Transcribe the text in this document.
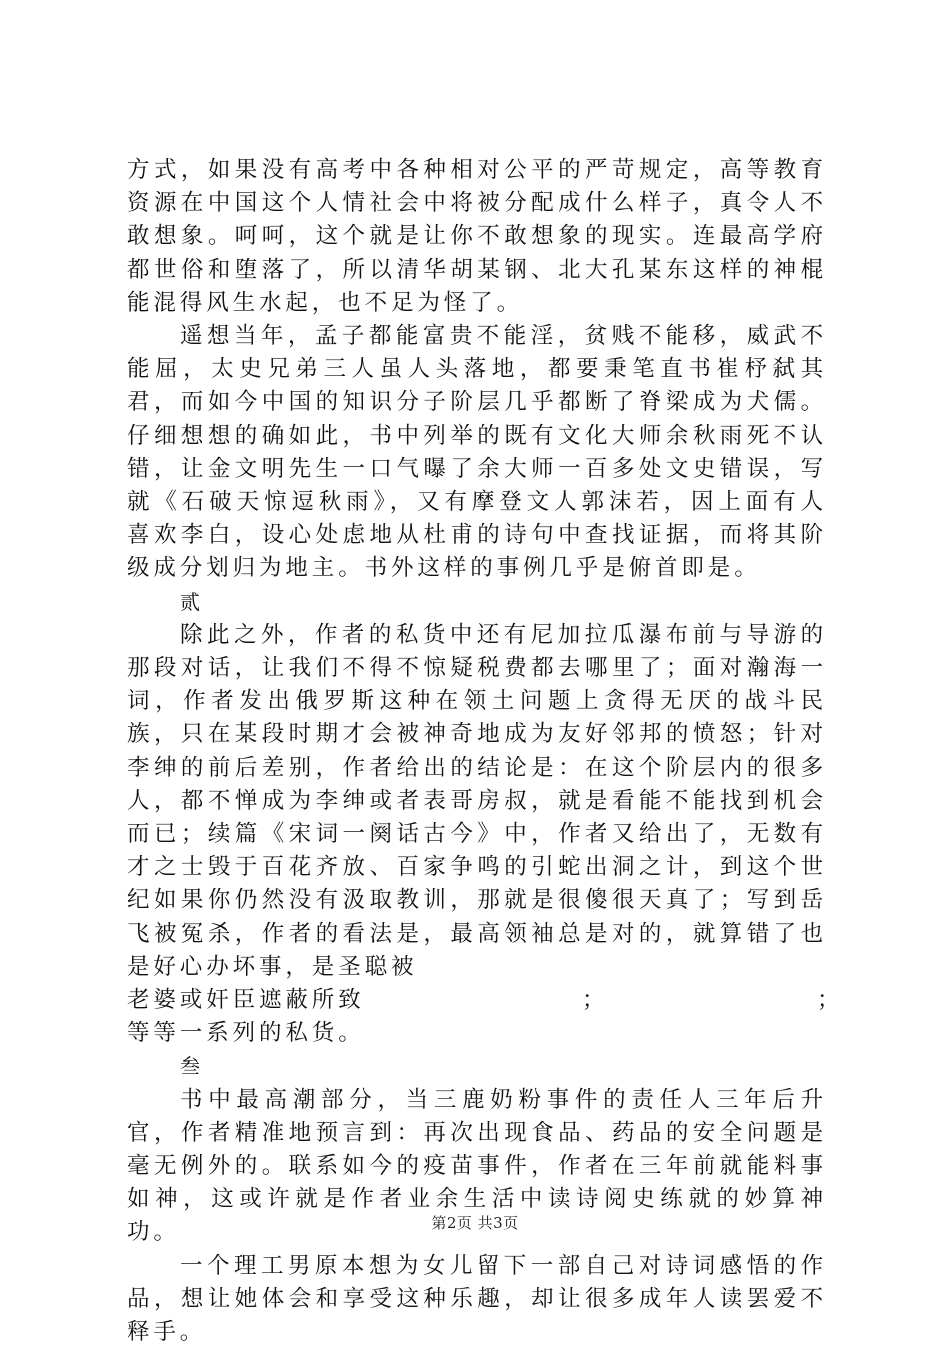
方式，如果没有高考中各种相对公平的严苛规定，高等教育资源在中国这个人情社会中将被分配成什么样子，真令人不敢想象。呵呵，这个就是让你不敢想象的现实。连最高学府都世俗和堕落了，所以清华胡某钢、北大孔某东这样的神棍能混得风生水起，也不足为怪了。

遥想当年，孟子都能富贵不能淫，贫贱不能移，威武不能屈，太史兄弟三人虽人头落地，都要秉笔直书崔杼弑其君，而如今中国的知识分子阶层几乎都断了脊梁成为犬儒。仔细想想的确如此，书中列举的既有文化大师余秋雨死不认错，让金文明先生一口气曝了余大师一百多处文史错误，写就《石破天惊逗秋雨》，又有摩登文人郭沫若，因上面有人喜欢李白，设心处虑地从杜甫的诗句中查找证据，而将其阶级成分划归为地主。书外这样的事例几乎是俯首即是。

贰

除此之外，作者的私货中还有尼加拉瓜瀑布前与导游的那段对话，让我们不得不惊疑税费都去哪里了；面对瀚海一词，作者发出俄罗斯这种在领土问题上贪得无厌的战斗民族，只在某段时期才会被神奇地成为友好邻邦的愤怒；针对李绅的前后差别，作者给出的结论是：在这个阶层内的很多人，都不惮成为李绅或者表哥房叔，就是看能不能找到机会而已；续篇《宋词一阕话古今》中，作者又给出了，无数有才之士毁于百花齐放、百家争鸣的引蛇出洞之计，到这个世纪如果你仍然没有汲取教训，那就是很傻很天真了；写到岳飞被冤杀，作者的看法是，最高领袖总是对的，就算错了也是好心办坏事，是圣聪被

老婆或奸臣遮蔽所致	；	；

等等一系列的私货。

叁

书中最高潮部分，当三鹿奶粉事件的责任人三年后升官，作者精准地预言到：再次出现食品、药品的安全问题是毫无例外的。联系如今的疫苗事件，作者在三年前就能料事如神，这或许就是作者业余生活中读诗阅史练就的妙算神功。

一个理工男原本想为女儿留下一部自己对诗词感悟的作品，想让她体会和享受这种乐趣，却让很多成年人读罢爱不释手。

第2页 共3页
